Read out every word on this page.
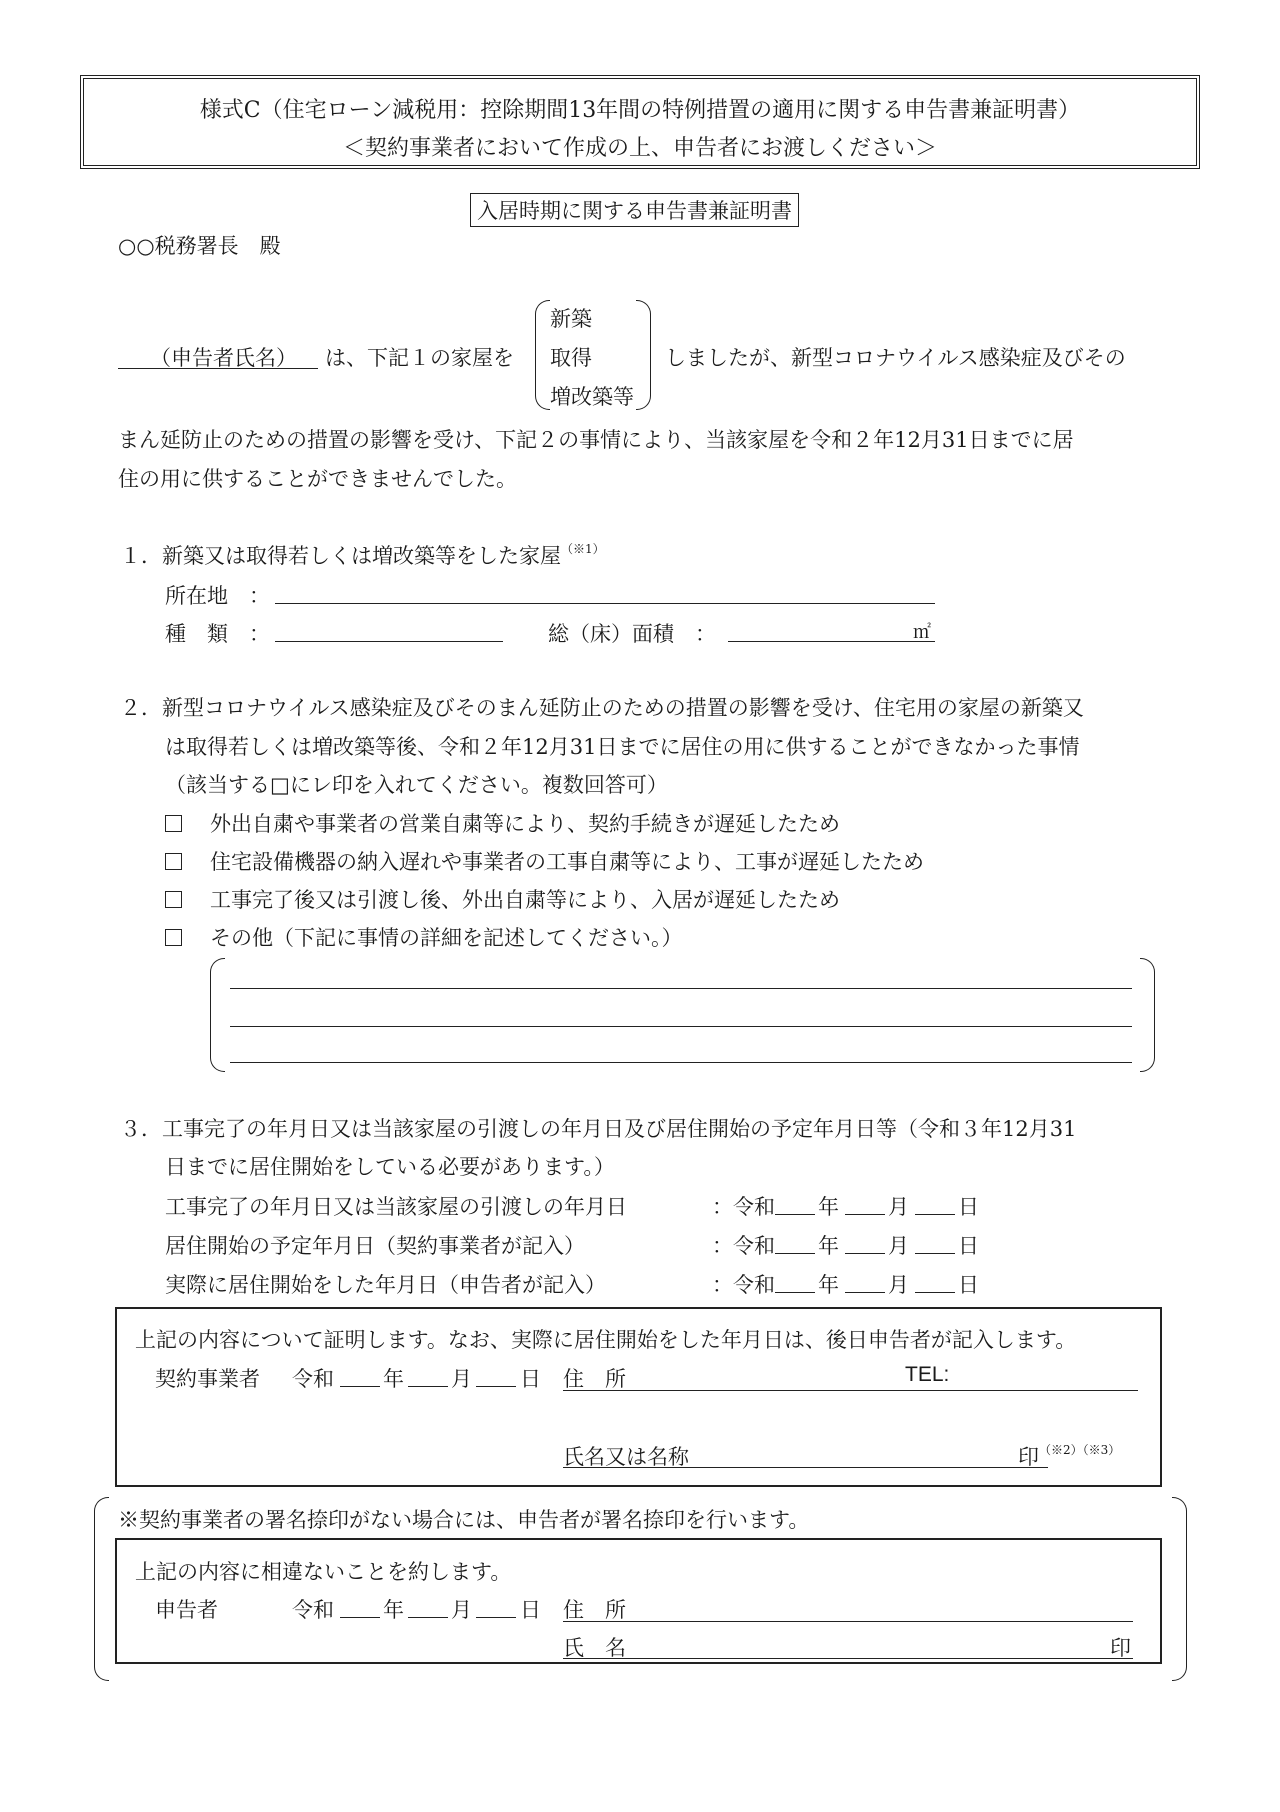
様式C（住宅ローン減税用：控除期間13年間の特例措置の適用に関する申告書兼証明書）
＜契約事業者において作成の上、申告者にお渡しください＞
入居時期に関する申告書兼証明書
○○税務署長　殿
（申告者氏名） は、下記１の家屋を
新築
取得
増改築等
しましたが、新型コロナウイルス感染症及びその
まん延防止のための措置の影響を受け、下記２の事情により、当該家屋を令和２年12月31日までに居
住の用に供することができませんでした。
１．新築又は取得若しくは増改築等をした家屋$^{(※1)}$
所在地　：
種　類　：	総（床）面積　：	㎡
２．新型コロナウイルス感染症及びそのまん延防止のための措置の影響を受け、住宅用の家屋の新築又
は取得若しくは増改築等後、令和２年12月31日までに居住の用に供することができなかった事情
（該当する□にレ印を入れてください。複数回答可）
外出自粛や事業者の営業自粛等により、契約手続きが遅延したため
住宅設備機器の納入遅れや事業者の工事自粛等により、工事が遅延したため
工事完了後又は引渡し後、外出自粛等により、入居が遅延したため
その他（下記に事情の詳細を記述してください。）
３．工事完了の年月日又は当該家屋の引渡しの年月日及び居住開始の予定年月日等（令和３年12月31
日までに居住開始をしている必要があります。）
工事完了の年月日又は当該家屋の引渡しの年月日	：令和 年 月 日
居住開始の予定年月日（契約事業者が記入）	：令和 年 月 日
実際に居住開始をした年月日（申告者が記入）	：令和 年 月 日
上記の内容について証明します。なお、実際に居住開始をした年月日は、後日申告者が記入します。
契約事業者 令和 年 月 日 住　所	TEL:
氏名又は名称	印$^{(※2)(※3)}$
※契約事業者の署名捺印がない場合には、申告者が署名捺印を行います。
上記の内容に相違ないことを約します。
申告者	令和 年 月 日 住　所
氏　名	印
